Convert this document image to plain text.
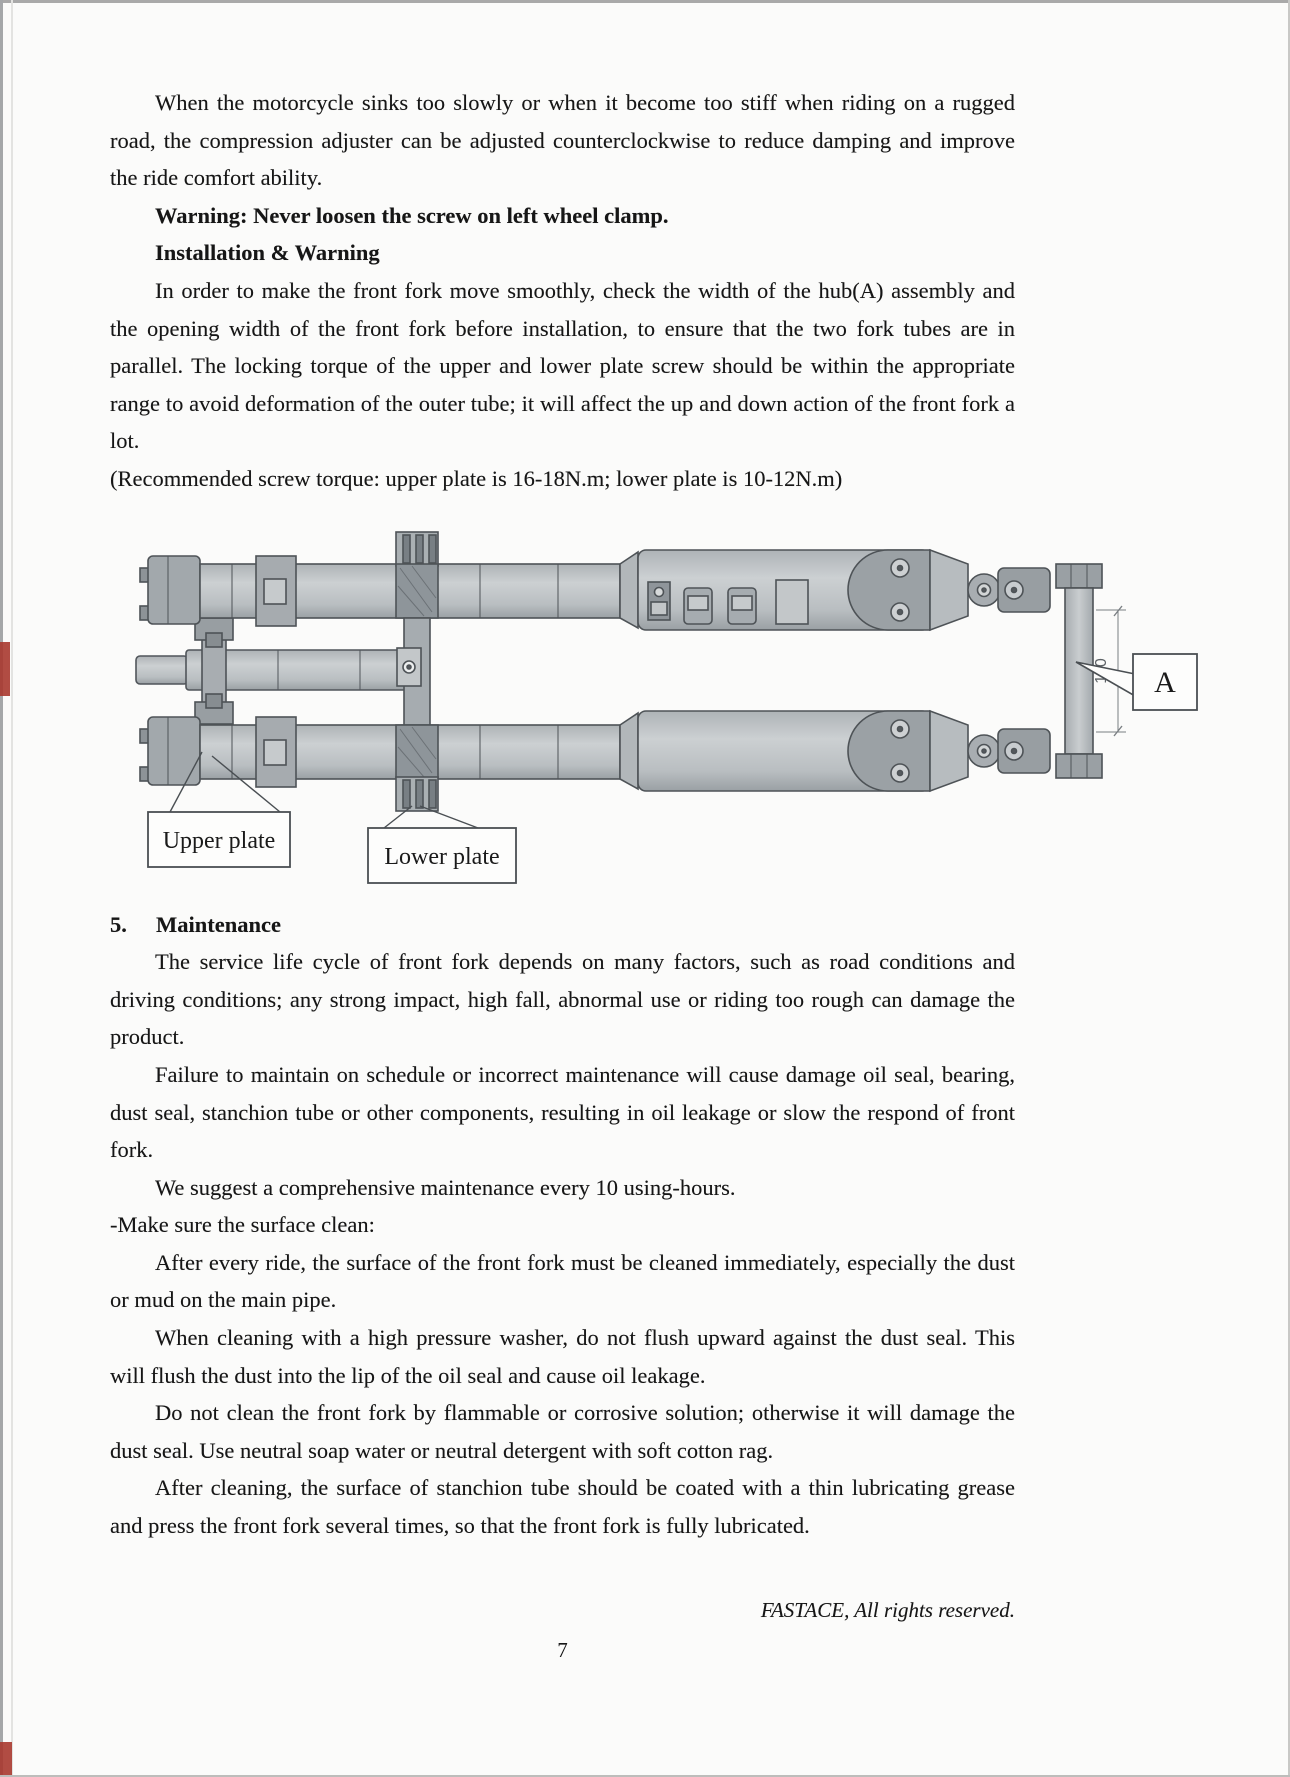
When the motorcycle sinks too slowly or when it become too stiff when riding on a rugged road, the compression adjuster can be adjusted counterclockwise to reduce damping and improve the ride comfort ability.

Warning: Never loosen the screw on left wheel clamp.

Installation & Warning

In order to make the front fork move smoothly, check the width of the hub(A) assembly and the opening width of the front fork before installation, to ensure that the two fork tubes are in parallel. The locking torque of the upper and lower plate screw should be within the appropriate range to avoid deformation of the outer tube; it will affect the up and down action of the front fork a lot.

(Recommended screw torque: upper plate is 16-18N.m; lower plate is 10-12N.m)

A
Upper plate
Lower plate
5. Maintenance

The service life cycle of front fork depends on many factors, such as road conditions and driving conditions; any strong impact, high fall, abnormal use or riding too rough can damage the product.

Failure to maintain on schedule or incorrect maintenance will cause damage oil seal, bearing, dust seal, stanchion tube or other components, resulting in oil leakage or slow the respond of front fork.

We suggest a comprehensive maintenance every 10 using-hours.

-Make sure the surface clean:

After every ride, the surface of the front fork must be cleaned immediately, especially the dust or mud on the main pipe.

When cleaning with a high pressure washer, do not flush upward against the dust seal. This will flush the dust into the lip of the oil seal and cause oil leakage.

Do not clean the front fork by flammable or corrosive solution; otherwise it will damage the dust seal. Use neutral soap water or neutral detergent with soft cotton rag.

After cleaning, the surface of stanchion tube should be coated with a thin lubricating grease and press the front fork several times, so that the front fork is fully lubricated.

FASTACE, All rights reserved.
7
